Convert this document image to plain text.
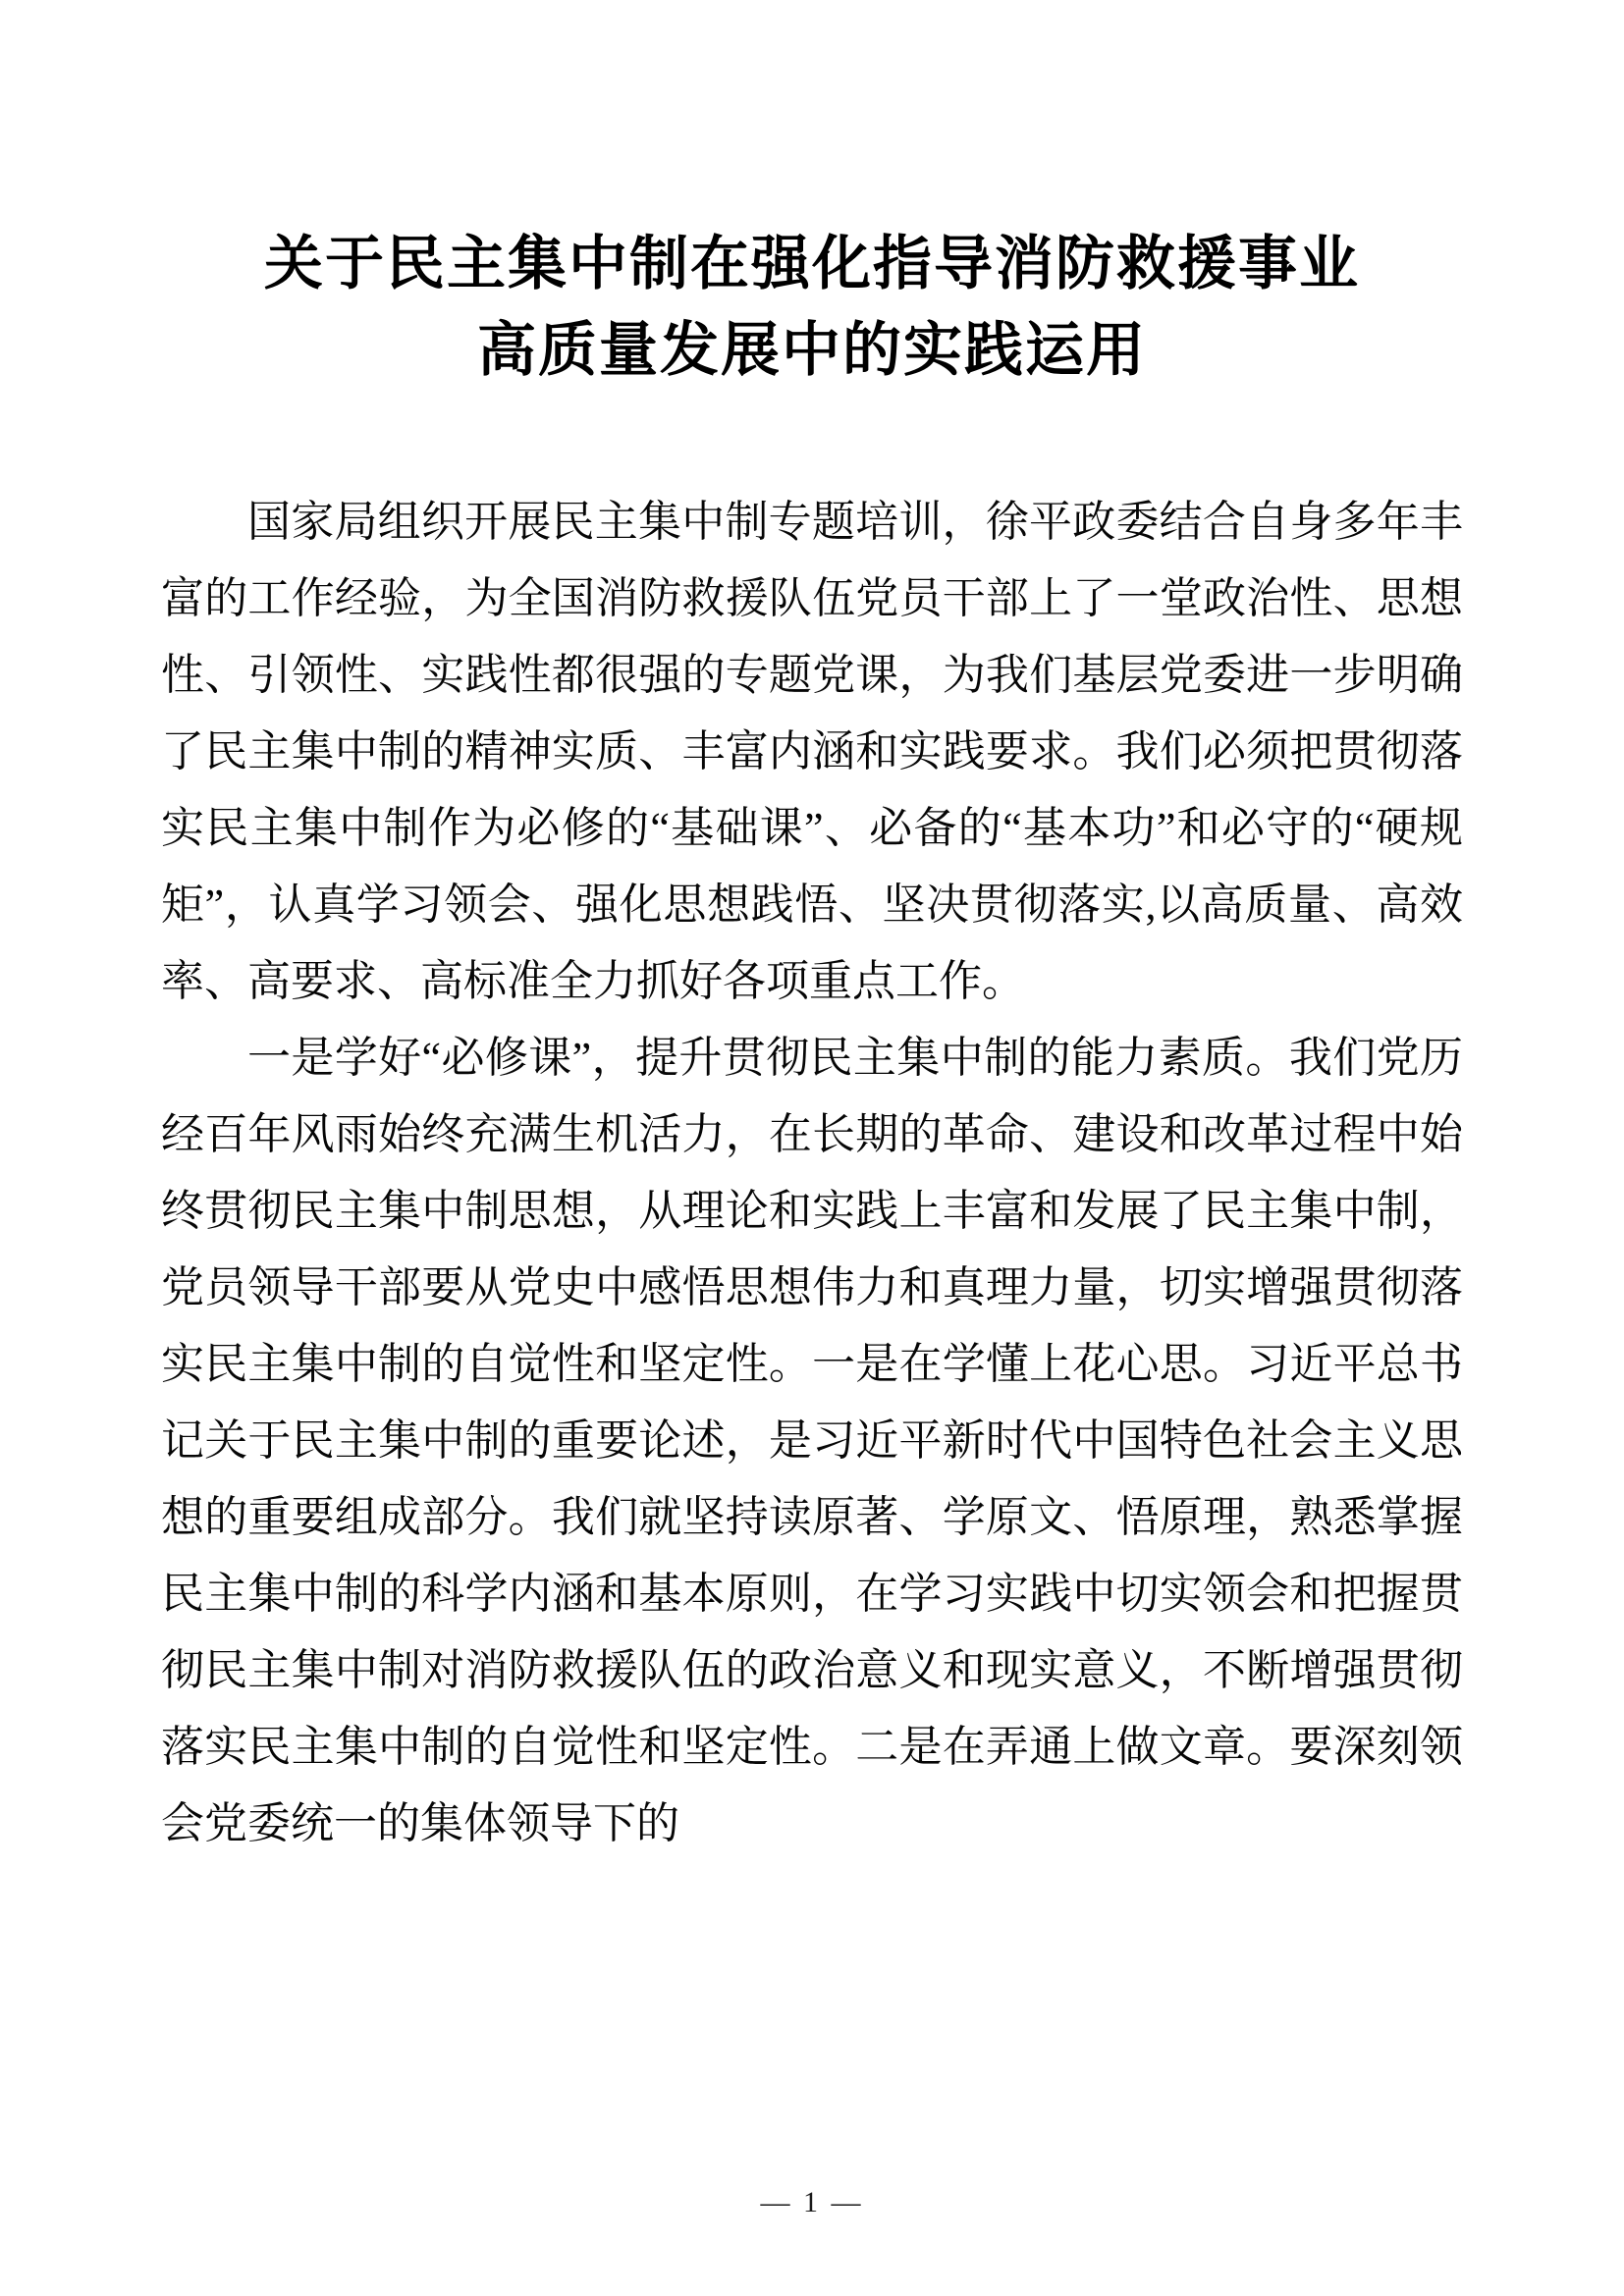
关于民主集中制在强化指导消防救援事业
高质量发展中的实践运用

国家局组织开展民主集中制专题培训，徐平政委结合自身多年丰富的工作经验，为全国消防救援队伍党员干部上了一堂政治性、思想性、引领性、实践性都很强的专题党课，为我们基层党委进一步明确了民主集中制的精神实质、丰富内涵和实践要求。我们必须把贯彻落实民主集中制作为必修的“基础课”、必备的“基本功”和必守的“硬规矩”，认真学习领会、强化思想践悟、坚决贯彻落实,以高质量、高效率、高要求、高标准全力抓好各项重点工作。

一是学好“必修课”，提升贯彻民主集中制的能力素质。我们党历经百年风雨始终充满生机活力，在长期的革命、建设和改革过程中始终贯彻民主集中制思想，从理论和实践上丰富和发展了民主集中制，党员领导干部要从党史中感悟思想伟力和真理力量，切实增强贯彻落实民主集中制的自觉性和坚定性。一是在学懂上花心思。习近平总书记关于民主集中制的重要论述，是习近平新时代中国特色社会主义思想的重要组成部分。我们就坚持读原著、学原文、悟原理，熟悉掌握民主集中制的科学内涵和基本原则，在学习实践中切实领会和把握贯彻民主集中制对消防救援队伍的政治意义和现实意义，不断增强贯彻落实民主集中制的自觉性和坚定性。二是在弄通上做文章。要深刻领会党委统一的集体领导下的

— 1 —
